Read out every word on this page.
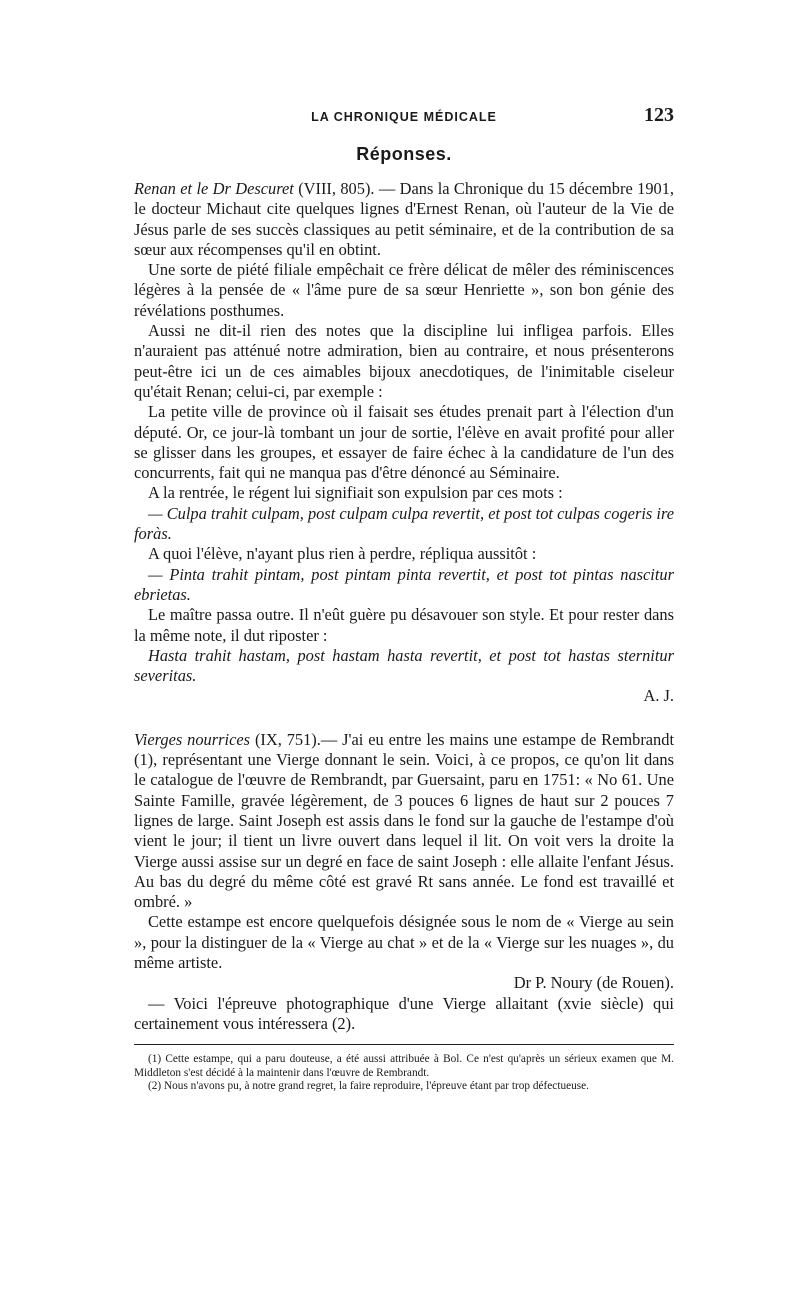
LA CHRONIQUE MÉDICALE	123
Réponses.

Renan et le Dr Descuret (VIII, 805). — Dans la Chronique du 15 décembre 1901, le docteur Michaut cite quelques lignes d'Ernest Renan, où l'auteur de la Vie de Jésus parle de ses succès classiques au petit séminaire, et de la contribution de sa sœur aux récompenses qu'il en obtint.

Une sorte de piété filiale empêchait ce frère délicat de mêler des réminiscences légères à la pensée de « l'âme pure de sa sœur Henriette », son bon génie des révélations posthumes.

Aussi ne dit-il rien des notes que la discipline lui infligea parfois. Elles n'auraient pas atténué notre admiration, bien au contraire, et nous présenterons peut-être ici un de ces aimables bijoux anecdotiques, de l'inimitable ciseleur qu'était Renan; celui-ci, par exemple :

La petite ville de province où il faisait ses études prenait part à l'élection d'un député. Or, ce jour-là tombant un jour de sortie, l'élève en avait profité pour aller se glisser dans les groupes, et essayer de faire échec à la candidature de l'un des concurrents, fait qui ne manqua pas d'être dénoncé au Séminaire.

A la rentrée, le régent lui signifiait son expulsion par ces mots :

— Culpa trahit culpam, post culpam culpa revertit, et post tot culpas cogeris ire foràs.

A quoi l'élève, n'ayant plus rien à perdre, répliqua aussitôt :

— Pinta trahit pintam, post pintam pinta revertit, et post tot pintas nascitur ebrietas.

Le maître passa outre. Il n'eût guère pu désavouer son style. Et pour rester dans la même note, il dut riposter :

Hasta trahit hastam, post hastam hasta revertit, et post tot hastas sternitur severitas.

A. J.

Vierges nourrices (IX, 751).— J'ai eu entre les mains une estampe de Rembrandt (1), représentant une Vierge donnant le sein. Voici, à ce propos, ce qu'on lit dans le catalogue de l'œuvre de Rembrandt, par Guersaint, paru en 1751: « No 61. Une Sainte Famille, gravée légèrement, de 3 pouces 6 lignes de haut sur 2 pouces 7 lignes de large. Saint Joseph est assis dans le fond sur la gauche de l'estampe d'où vient le jour; il tient un livre ouvert dans lequel il lit. On voit vers la droite la Vierge aussi assise sur un degré en face de saint Joseph : elle allaite l'enfant Jésus. Au bas du degré du même côté est gravé Rt sans année. Le fond est travaillé et ombré. »

Cette estampe est encore quelquefois désignée sous le nom de « Vierge au sein », pour la distinguer de la « Vierge au chat » et de la « Vierge sur les nuages », du même artiste.

Dr P. Noury (de Rouen).

— Voici l'épreuve photographique d'une Vierge allaitant (xvie siècle) qui certainement vous intéressera (2).

(1) Cette estampe, qui a paru douteuse, a été aussi attribuée à Bol. Ce n'est qu'après un sérieux examen que M. Middleton s'est décidé à la maintenir dans l'œuvre de Rembrandt.

(2) Nous n'avons pu, à notre grand regret, la faire reproduire, l'épreuve étant par trop défectueuse.
